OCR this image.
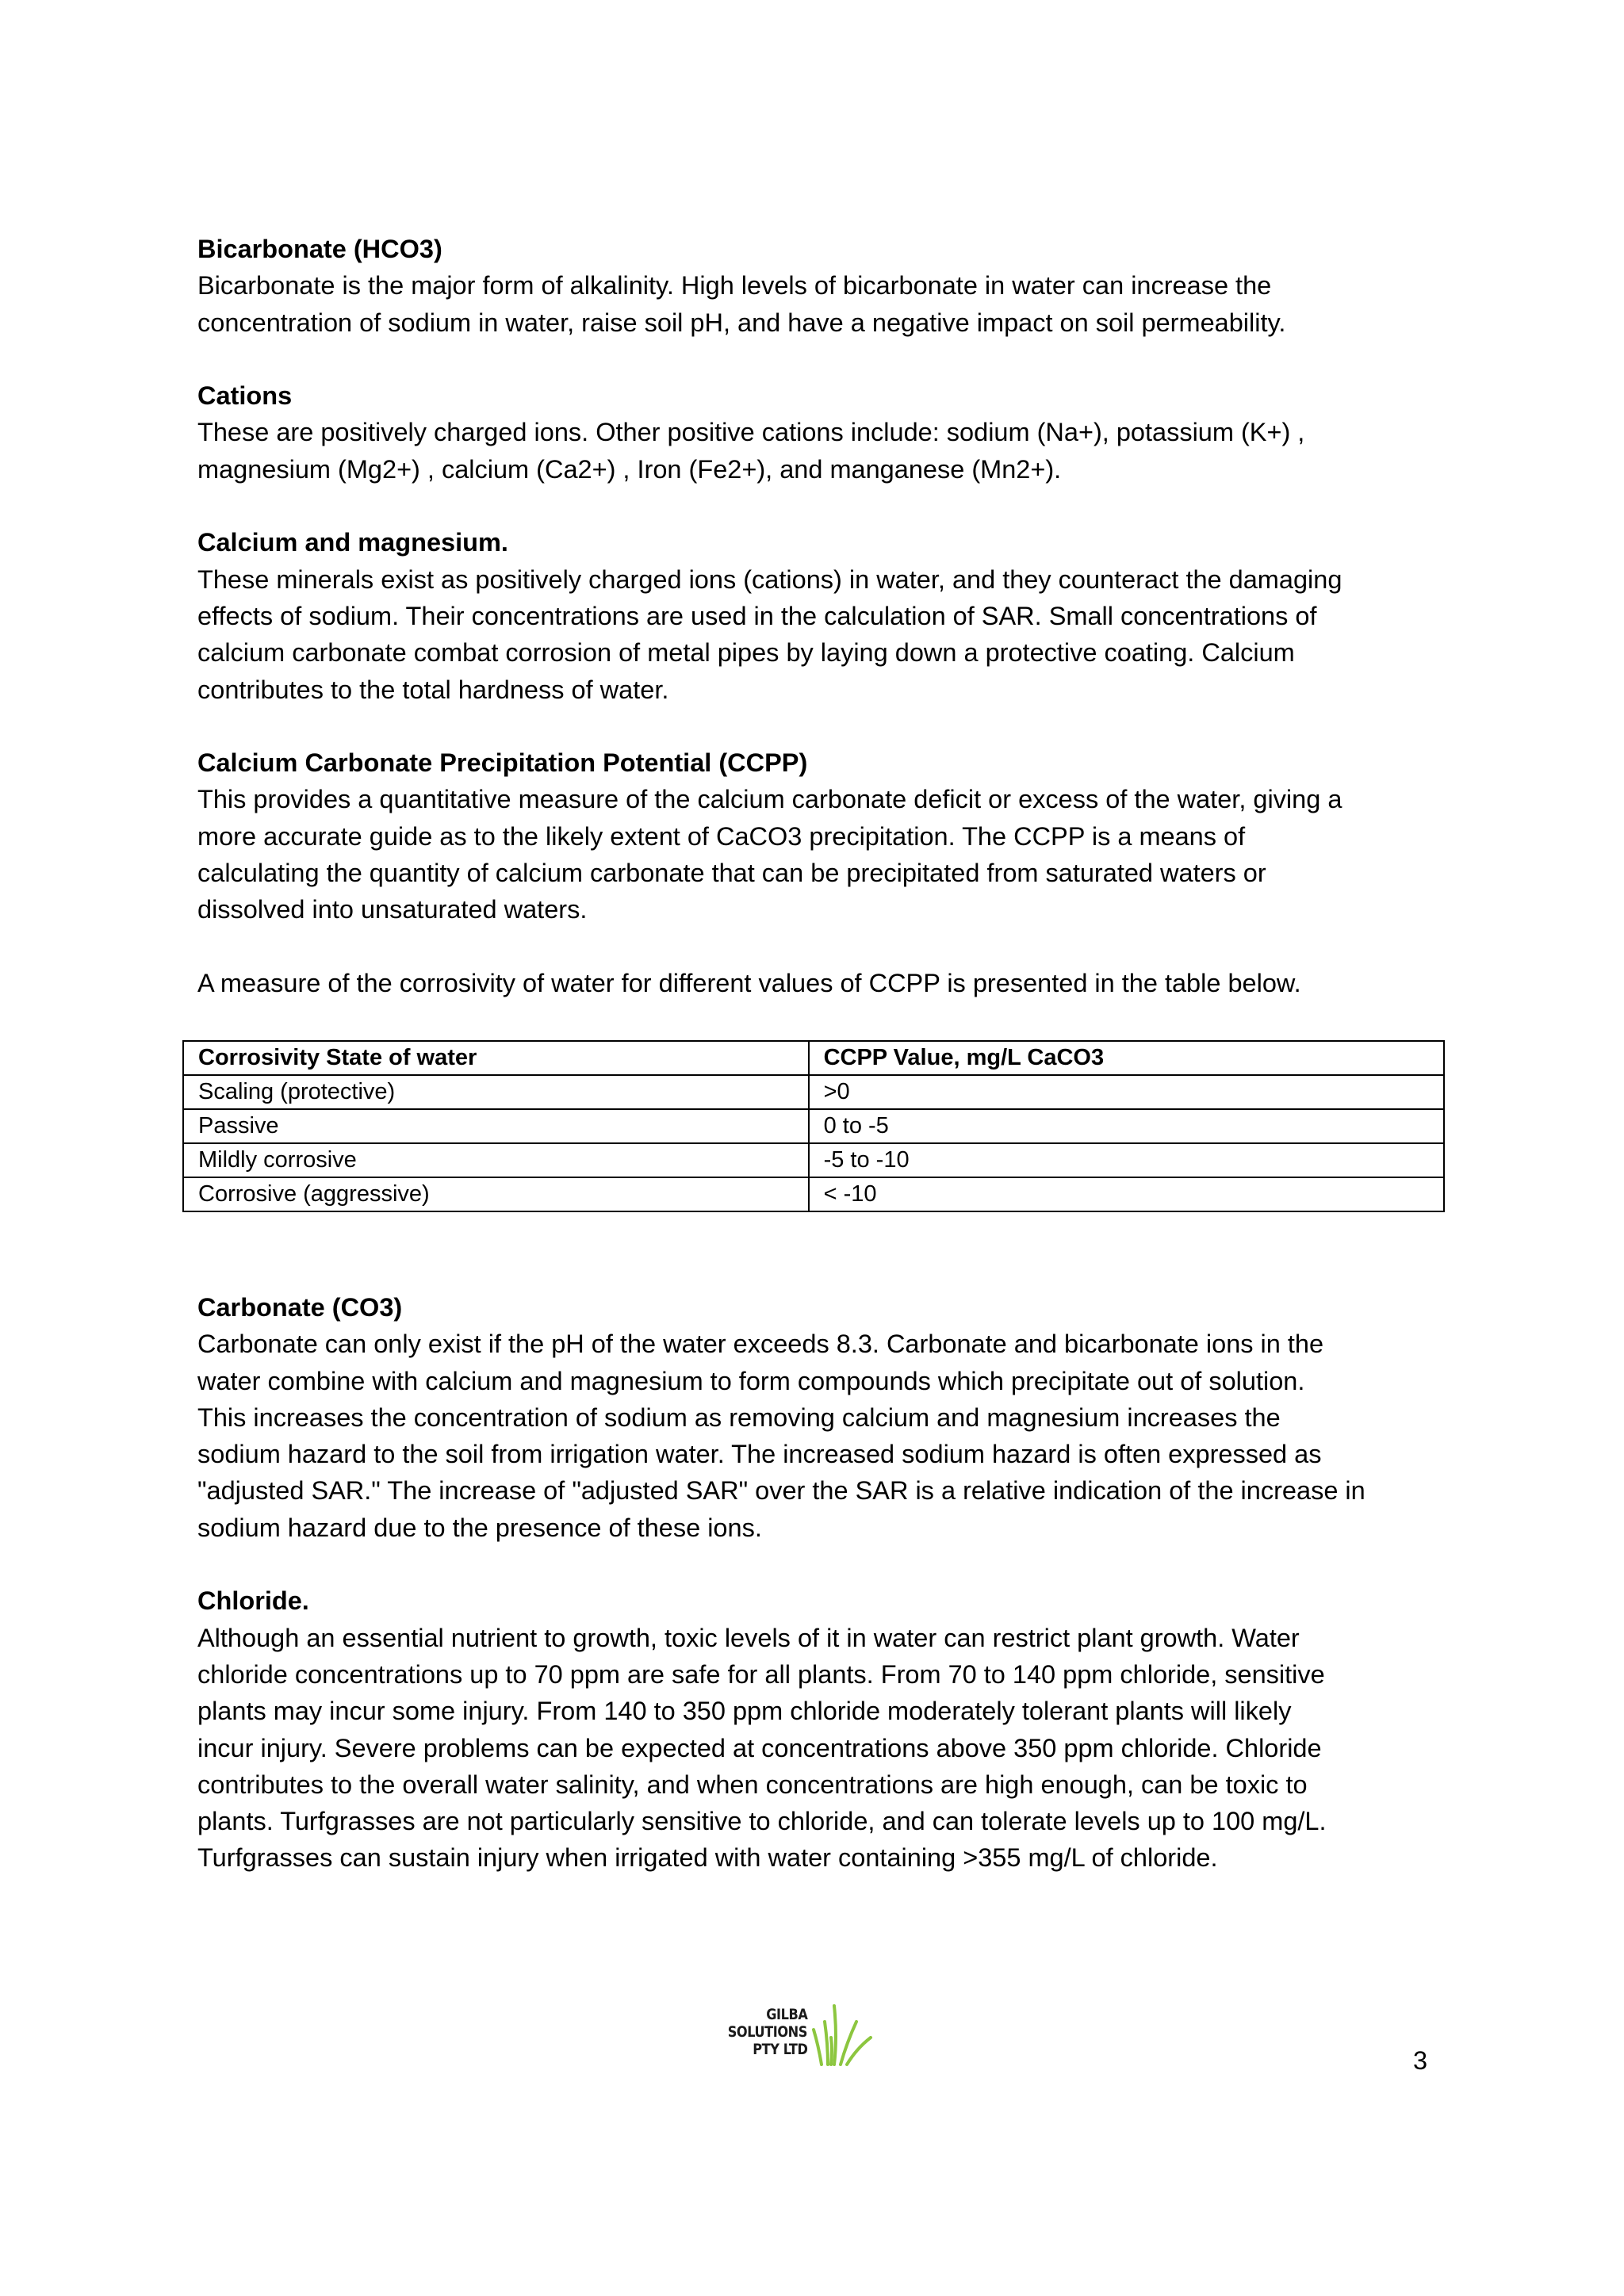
Bicarbonate (HCO3)
Bicarbonate is the major form of alkalinity. High levels of bicarbonate in water can increase the
concentration of sodium in water, raise soil pH, and have a negative impact on soil permeability.
Cations
These are positively charged ions. Other positive cations include: sodium (Na+), potassium (K+) ,
magnesium (Mg2+) , calcium (Ca2+) , Iron (Fe2+), and manganese (Mn2+).
Calcium and magnesium.
These minerals exist as positively charged ions (cations) in water, and they counteract the damaging
effects of sodium. Their concentrations are used in the calculation of SAR. Small concentrations of
calcium carbonate combat corrosion of metal pipes by laying down a protective coating. Calcium
contributes to the total hardness of water.
Calcium Carbonate Precipitation Potential (CCPP)
This provides a quantitative measure of the calcium carbonate deficit or excess of the water, giving a
more accurate guide as to the likely extent of CaCO3 precipitation. The CCPP is a means of
calculating the quantity of calcium carbonate that can be precipitated from saturated waters or
dissolved into unsaturated waters.
A measure of the corrosivity of water for different values of CCPP is presented in the table below.
Corrosivity State of water	CCPP Value, mg/L CaCO3
Scaling (protective)	>0
Passive	0 to -5
Mildly corrosive	-5 to -10
Corrosive (aggressive)	< -10
Carbonate (CO3)
Carbonate can only exist if the pH of the water exceeds 8.3. Carbonate and bicarbonate ions in the
water combine with calcium and magnesium to form compounds which precipitate out of solution.
This increases the concentration of sodium as removing calcium and magnesium increases the
sodium hazard to the soil from irrigation water. The increased sodium hazard is often expressed as
"adjusted SAR." The increase of "adjusted SAR" over the SAR is a relative indication of the increase in
sodium hazard due to the presence of these ions.
Chloride.
Although an essential nutrient to growth, toxic levels of it in water can restrict plant growth. Water
chloride concentrations up to 70 ppm are safe for all plants. From 70 to 140 ppm chloride, sensitive
plants may incur some injury. From 140 to 350 ppm chloride moderately tolerant plants will likely
incur injury. Severe problems can be expected at concentrations above 350 ppm chloride. Chloride
contributes to the overall water salinity, and when concentrations are high enough, can be toxic to
plants. Turfgrasses are not particularly sensitive to chloride, and can tolerate levels up to 100 mg/L.
Turfgrasses can sustain injury when irrigated with water containing >355 mg/L of chloride.
GILBA
SOLUTIONS
PTY LTD	3
